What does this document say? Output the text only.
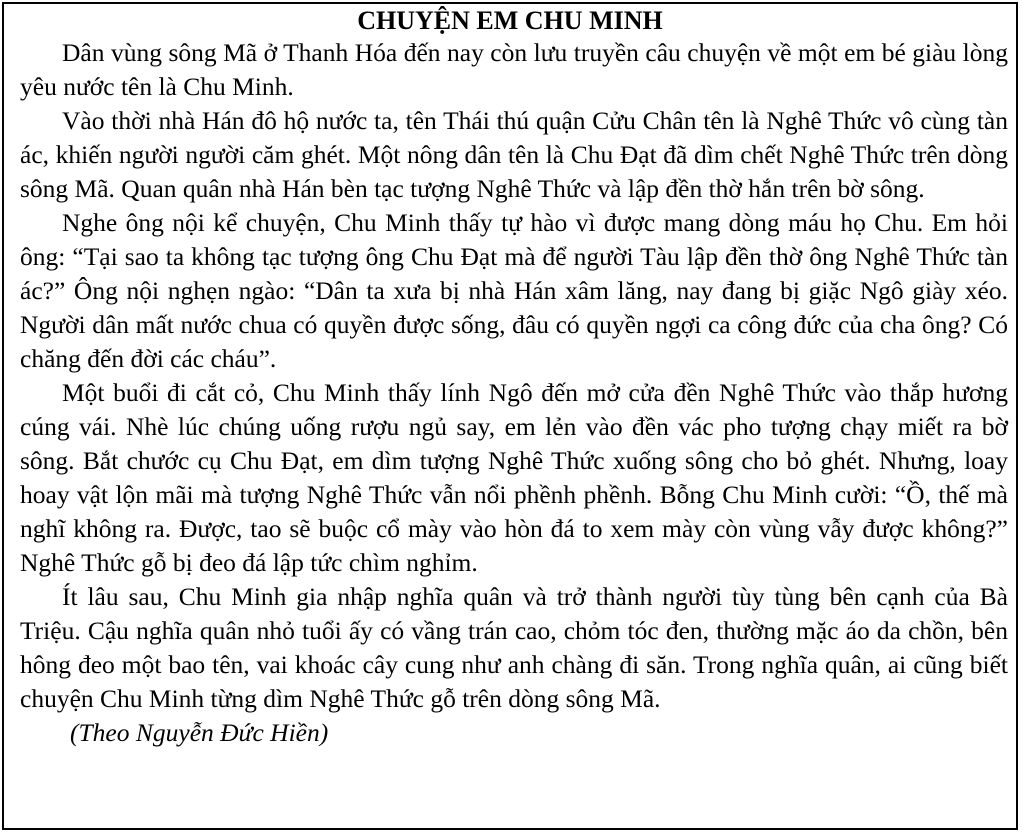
CHUYỆN EM CHU MINH

Dân vùng sông Mã ở Thanh Hóa đến nay còn lưu truyền câu chuyện về một em bé giàu lòng yêu nước tên là Chu Minh.

Vào thời nhà Hán đô hộ nước ta, tên Thái thú quận Cửu Chân tên là Nghê Thức vô cùng tàn ác, khiến người người căm ghét. Một nông dân tên là Chu Đạt đã dìm chết Nghê Thức trên dòng sông Mã. Quan quân nhà Hán bèn tạc tượng Nghê Thức và lập đền thờ hắn trên bờ sông.

Nghe ông nội kể chuyện, Chu Minh thấy tự hào vì được mang dòng máu họ Chu. Em hỏi ông: “Tại sao ta không tạc tượng ông Chu Đạt mà để người Tàu lập đền thờ ông Nghê Thức tàn ác?” Ông nội nghẹn ngào: “Dân ta xưa bị nhà Hán xâm lăng, nay đang bị giặc Ngô giày xéo. Người dân mất nước chua có quyền được sống, đâu có quyền ngợi ca công đức của cha ông? Có chăng đến đời các cháu”.

Một buổi đi cắt cỏ, Chu Minh thấy lính Ngô đến mở cửa đền Nghê Thức vào thắp hương cúng vái. Nhè lúc chúng uống rượu ngủ say, em lẻn vào đền vác pho tượng chạy miết ra bờ sông. Bắt chước cụ Chu Đạt, em dìm tượng Nghê Thức xuống sông cho bỏ ghét. Nhưng, loay hoay vật lộn mãi mà tượng Nghê Thức vẫn nổi phềnh phềnh. Bỗng Chu Minh cười: “Ồ, thế mà nghĩ không ra. Được, tao sẽ buộc cổ mày vào hòn đá to xem mày còn vùng vẫy được không?” Nghê Thức gỗ bị đeo đá lập tức chìm nghỉm.

Ít lâu sau, Chu Minh gia nhập nghĩa quân và trở thành người tùy tùng bên cạnh của Bà Triệu. Cậu nghĩa quân nhỏ tuổi ấy có vầng trán cao, chỏm tóc đen, thường mặc áo da chồn, bên hông đeo một bao tên, vai khoác cây cung như anh chàng đi săn. Trong nghĩa quân, ai cũng biết chuyện Chu Minh từng dìm Nghê Thức gỗ trên dòng sông Mã.

(Theo Nguyễn Đức Hiền)
